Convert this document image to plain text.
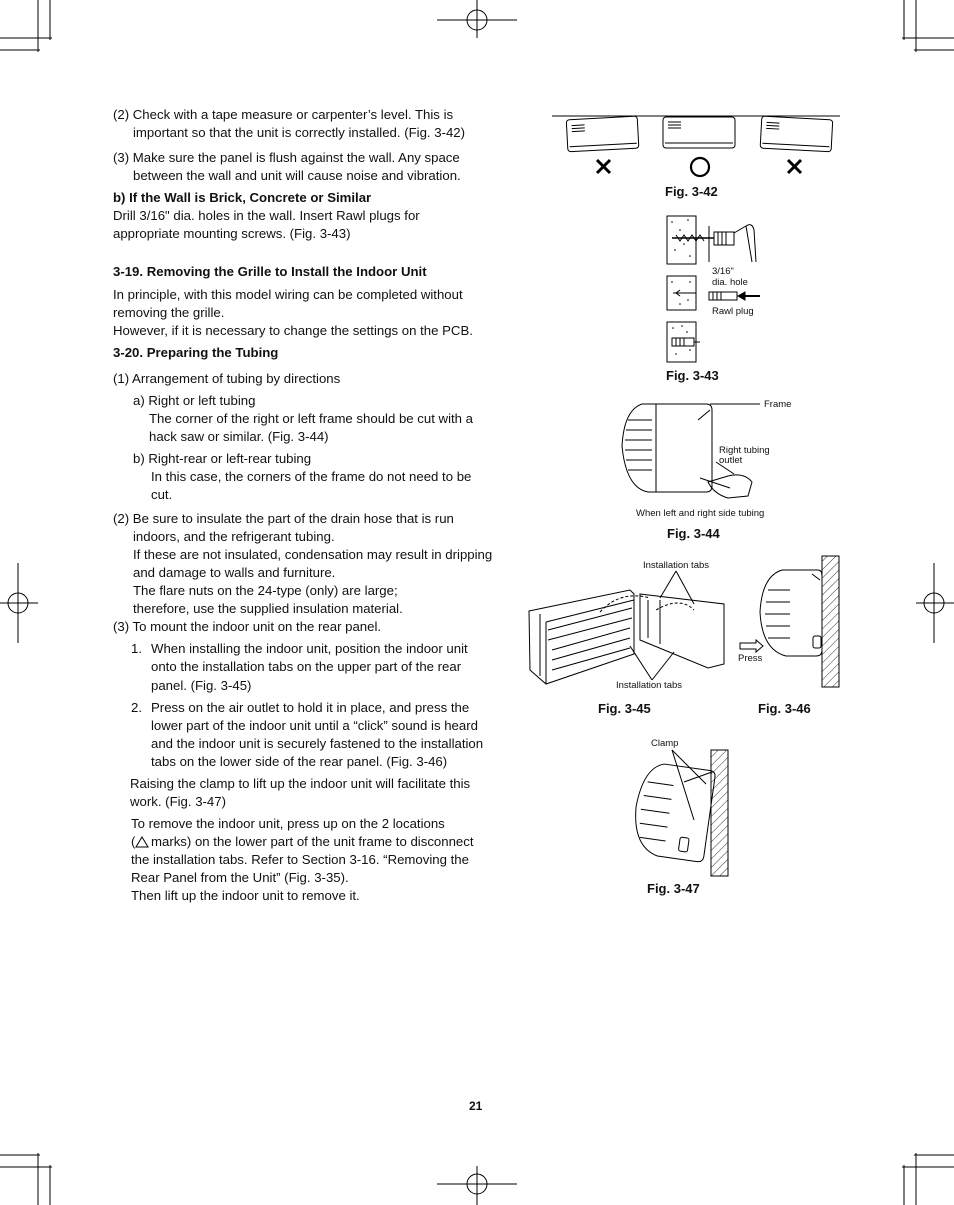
(2) Check with a tape measure or carpenter’s level. This is
important so that the unit is correctly installed. (Fig. 3-42)
(3) Make sure the panel is flush against the wall. Any space
between the wall and unit will cause noise and vibration.
b) If the Wall is Brick, Concrete or Similar
Drill 3/16" dia. holes in the wall. Insert Rawl plugs for
appropriate mounting screws. (Fig. 3-43)
3-19. Removing the Grille to Install the Indoor Unit
In principle, with this model wiring can be completed without
removing the grille.
However, if it is necessary to change the settings on the PCB.
3-20. Preparing the Tubing
(1) Arrangement of tubing by directions
a) Right or left tubing
The corner of the right or left frame should be cut with a
hack saw or similar. (Fig. 3-44)
b) Right-rear or left-rear tubing
In this case, the corners of the frame do not need to be
cut.
(2) Be sure to insulate the part of the drain hose that is run
indoors, and the refrigerant tubing.
If these are not insulated, condensation may result in dripping
and damage to walls and furniture.
The flare nuts on the 24-type (only) are large;
therefore, use the supplied insulation material.
(3) To mount the indoor unit on the rear panel.
1. When installing the indoor unit, position the indoor unit
onto the installation tabs on the upper part of the rear
panel. (Fig. 3-45)
2. Press on the air outlet to hold it in place, and press the
lower part of the indoor unit until a “click” sound is heard
and the indoor unit is securely fastened to the installation
tabs on the lower side of the rear panel. (Fig. 3-46)
Raising the clamp to lift up the indoor unit will facilitate this
work. (Fig. 3-47)
To remove the indoor unit, press up on the 2 locations
( marks) on the lower part of the unit frame to disconnect
the installation tabs. Refer to Section 3-16. “Removing the
Rear Panel from the Unit” (Fig. 3-35).
Then lift up the indoor unit to remove it.
Fig. 3-42
3/16"
dia. hole
Rawl plug
Fig. 3-43
Frame
Right tubing
outlet
When left and right side tubing
Fig. 3-44
Installation tabs
Installation tabs
Fig. 3-45
Press
Fig. 3-46
Clamp
Fig. 3-47
21
